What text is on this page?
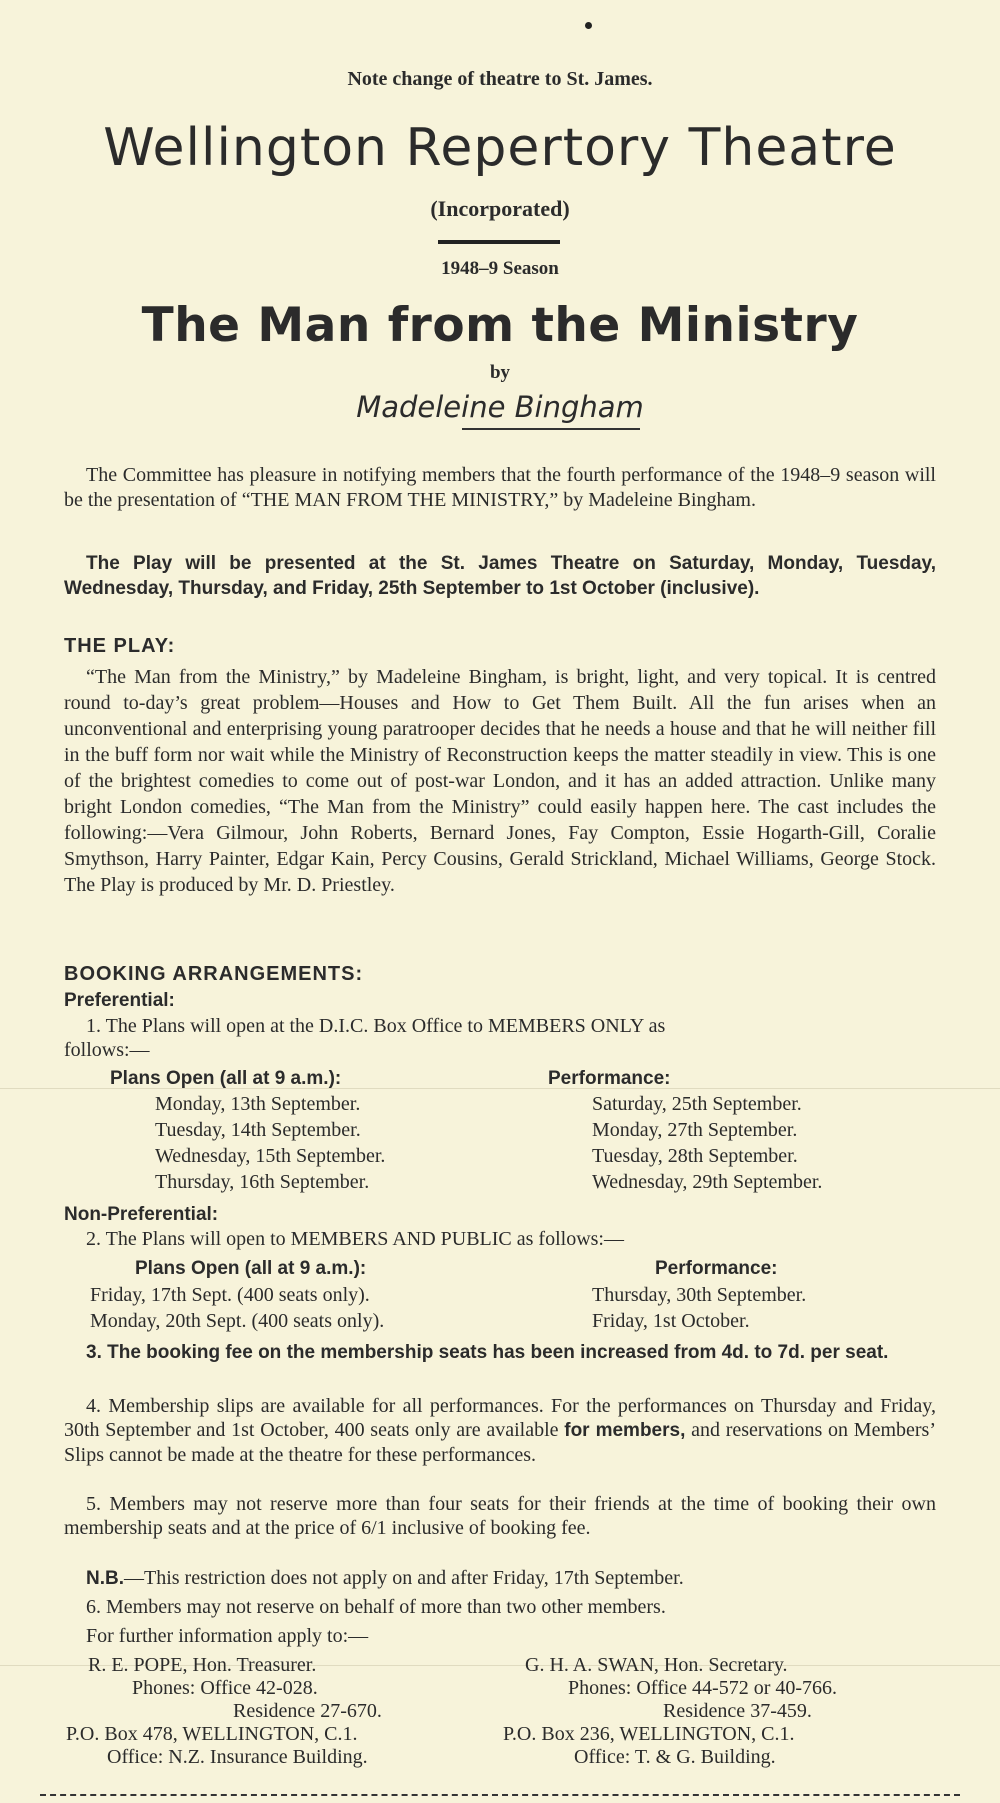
Note change of theatre to St. James.
Wellington Repertory Theatre
(Incorporated)
1948–9 Season
The Man from the Ministry
by
Madeleine Bingham
The Committee has pleasure in notifying members that the fourth performance of the 1948–9 season will be the presentation of “THE MAN FROM THE MINISTRY,” by Madeleine Bingham.
The Play will be presented at the St. James Theatre on Saturday, Monday, Tuesday, Wednesday, Thursday, and Friday, 25th September to 1st October (inclusive).
THE PLAY:
“The Man from the Ministry,” by Madeleine Bingham, is bright, light, and very topical. It is centred round to-day’s great problem—Houses and How to Get Them Built. All the fun arises when an unconventional and enterprising young paratrooper decides that he needs a house and that he will neither fill in the buff form nor wait while the Ministry of Reconstruction keeps the matter steadily in view. This is one of the brightest comedies to come out of post-war London, and it has an added attraction. Unlike many bright London comedies, “The Man from the Ministry” could easily happen here. The cast includes the following:—Vera Gilmour, John Roberts, Bernard Jones, Fay Compton, Essie Hogarth-Gill, Coralie Smythson, Harry Painter, Edgar Kain, Percy Cousins, Gerald Strickland, Michael Williams, George Stock. The Play is produced by Mr. D. Priestley.
BOOKING ARRANGEMENTS:
Preferential:
1. The Plans will open at the D.I.C. Box Office to MEMBERS ONLY as
follows:—
Plans Open (all at 9 a.m.):	Performance:
Monday, 13th September.
Tuesday, 14th September.
Wednesday, 15th September.
Thursday, 16th September.
Saturday, 25th September.
Monday, 27th September.
Tuesday, 28th September.
Wednesday, 29th September.
Non-Preferential:
2. The Plans will open to MEMBERS AND PUBLIC as follows:—
Plans Open (all at 9 a.m.):	Performance:
Friday, 17th Sept. (400 seats only).
Monday, 20th Sept. (400 seats only).
Thursday, 30th September.
Friday, 1st October.
3. The booking fee on the membership seats has been increased from 4d. to 7d. per seat.
4. Membership slips are available for all performances. For the performances on Thursday and Friday, 30th September and 1st October, 400 seats only are available for members, and reservations on Members’ Slips cannot be made at the theatre for these performances.
5. Members may not reserve more than four seats for their friends at the time of booking their own membership seats and at the price of 6/1 inclusive of booking fee.
N.B.—This restriction does not apply on and after Friday, 17th September.
6. Members may not reserve on behalf of more than two other members.
For further information apply to:—
R. E. POPE, Hon. Treasurer.
Phones: Office 42-028.
Residence 27-670.
P.O. Box 478, WELLINGTON, C.1.
Office: N.Z. Insurance Building.
G. H. A. SWAN, Hon. Secretary.
Phones: Office 44-572 or 40-766.
Residence 37-459.
P.O. Box 236, WELLINGTON, C.1.
Office: T. & G. Building.
